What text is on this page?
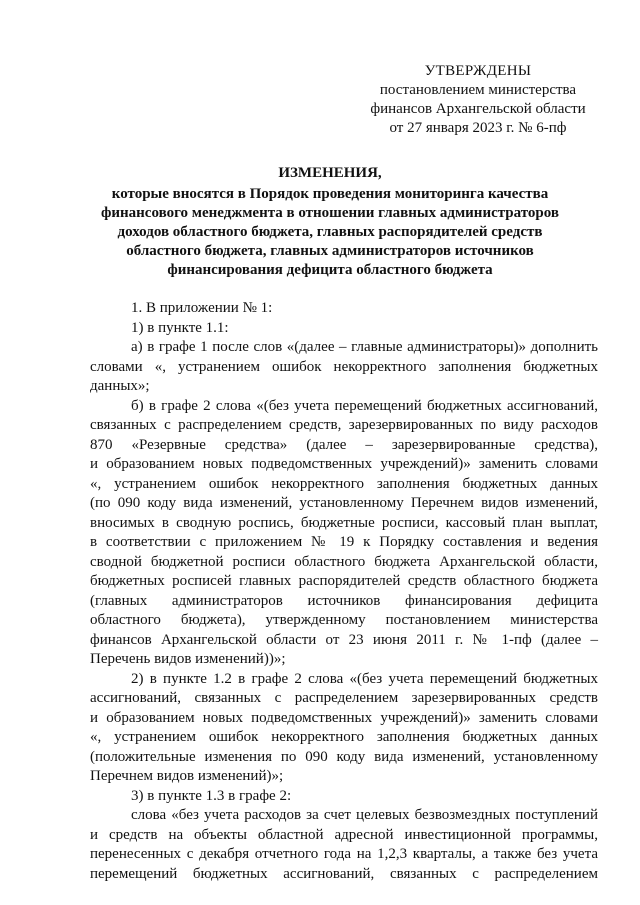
УТВЕРЖДЕНЫ
постановлением министерства
финансов Архангельской области
от 27 января 2023 г. № 6-пф
ИЗМЕНЕНИЯ,
которые вносятся в Порядок проведения мониторинга качества
финансового менеджмента в отношении главных администраторов
доходов областного бюджета, главных распорядителей средств
областного бюджета, главных администраторов источников
финансирования дефицита областного бюджета
1. В приложении № 1:
1) в пункте 1.1:
а) в графе 1 после слов «(далее – главные администраторы)» дополнить
словами «, устранением ошибок некорректного заполнения бюджетных
данных»;
б) в графе 2 слова «(без учета перемещений бюджетных ассигнований,
связанных с распределением средств, зарезервированных по виду расходов
870 «Резервные средства» (далее – зарезервированные средства),
и образованием новых подведомственных учреждений)» заменить словами
«, устранением ошибок некорректного заполнения бюджетных данных
(по 090 коду вида изменений, установленному Перечнем видов изменений,
вносимых в сводную роспись, бюджетные росписи, кассовый план выплат,
в соответствии с приложением № 19 к Порядку составления и ведения
сводной бюджетной росписи областного бюджета Архангельской области,
бюджетных росписей главных распорядителей средств областного бюджета
(главных администраторов источников финансирования дефицита
областного бюджета), утвержденному постановлением министерства
финансов Архангельской области от 23 июня 2011 г. № 1-пф (далее –
Перечень видов изменений))»;
2) в пункте 1.2 в графе 2 слова «(без учета перемещений бюджетных
ассигнований, связанных с распределением зарезервированных средств
и образованием новых подведомственных учреждений)» заменить словами
«, устранением ошибок некорректного заполнения бюджетных данных
(положительные изменения по 090 коду вида изменений, установленному
Перечнем видов изменений)»;
3) в пункте 1.3 в графе 2:
слова «без учета расходов за счет целевых безвозмездных поступлений
и средств на объекты областной адресной инвестиционной программы,
перенесенных с декабря отчетного года на 1,2,3 кварталы, а также без учета
перемещений бюджетных ассигнований, связанных с распределением
